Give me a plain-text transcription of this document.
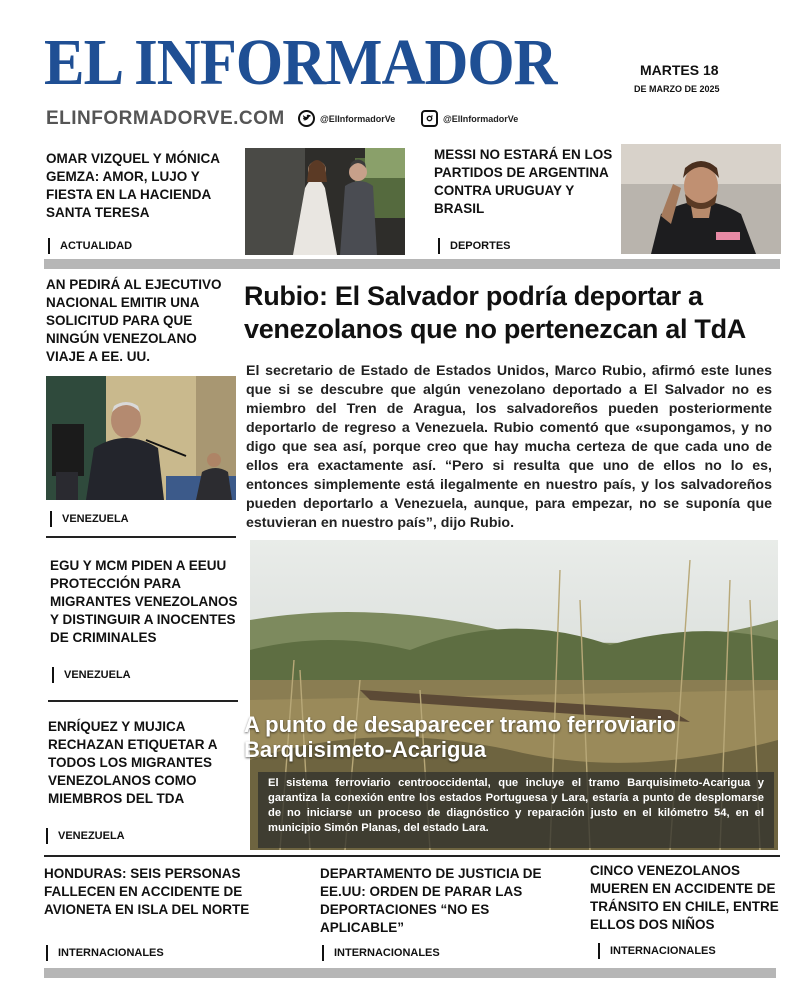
EL INFORMADOR	MARTES 18
DE MARZO DE 2025
ELINFORMADORVE.COM	@ElInformadorVe	@ElInformadorVe
OMAR VIZQUEL Y MÓNICA GEMZA: AMOR, LUJO Y FIESTA EN LA HACIENDA SANTA TERESA
ACTUALIDAD
MESSI NO ESTARÁ EN LOS PARTIDOS DE ARGENTINA CONTRA URUGUAY Y BRASIL
DEPORTES
AN PEDIRÁ AL EJECUTIVO NACIONAL EMITIR UNA SOLICITUD PARA QUE NINGÚN VENEZOLANO VIAJE A EE. UU.
VENEZUELA
EGU Y MCM PIDEN A EEUU PROTECCIÓN PARA MIGRANTES VENEZOLANOS Y DISTINGUIR A INOCENTES DE CRIMINALES
VENEZUELA
ENRÍQUEZ Y MUJICA RECHAZAN ETIQUETAR A TODOS LOS MIGRANTES VENEZOLANOS COMO MIEMBROS DEL TDA
VENEZUELA
Rubio: El Salvador podría deportar a venezolanos que no pertenezcan al TdA
El secretario de Estado de Estados Unidos, Marco Rubio, afirmó este lunes que si se descubre que algún venezolano deportado a El Salvador no es miembro del Tren de Aragua, los salvadoreños pueden posteriormente deportarlo de regreso a Venezuela. Rubio comentó que «supongamos, y no digo que sea así, porque creo que hay mucha certeza de que cada uno de ellos era exactamente así. “Pero si resulta que uno de ellos no lo es, entonces simplemente está ilegalmente en nuestro país, y los salvadoreños pueden deportarlo a Venezuela, aunque, para empezar, no se suponía que estuvieran en nuestro país”, dijo Rubio.
A punto de desaparecer tramo ferroviario Barquisimeto-Acarigua
El sistema ferroviario centrooccidental, que incluye el tramo Barquisimeto-Acarigua y garantiza la conexión entre los estados Portuguesa y Lara, estaría a punto de desplomarse de no iniciarse un proceso de diagnóstico y reparación justo en el kilómetro 54, en el municipio Simón Planas, del estado Lara.
HONDURAS: SEIS PERSONAS FALLECEN EN ACCIDENTE DE AVIONETA EN ISLA DEL NORTE
INTERNACIONALES
DEPARTAMENTO DE JUSTICIA DE EE.UU: ORDEN DE PARAR LAS DEPORTACIONES “NO ES APLICABLE”
INTERNACIONALES
CINCO VENEZOLANOS MUEREN EN ACCIDENTE DE TRÁNSITO EN CHILE, ENTRE ELLOS DOS NIÑOS
INTERNACIONALES
